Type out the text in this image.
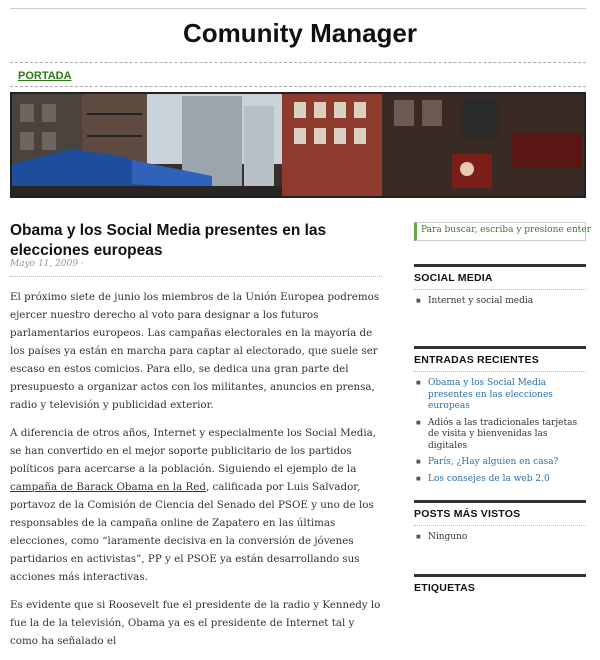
Comunity Manager
PORTADA
Obama y los Social Media presentes en las elecciones europeas
Mayo 11, 2009 ·

El próximo siete de junio los miembros de la Unión Europea podremos ejercer nuestro derecho al voto para designar a los futuros parlamentarios europeos. Las campañas electorales en la mayoría de los países ya están en marcha para captar al electorado, que suele ser escaso en estos comicios. Para ello, se dedica una gran parte del presupuesto a organizar actos con los militantes, anuncios en prensa, radio y televisión y publicidad exterior.

A diferencia de otros años, Internet y especialmente los Social Media, se han convertido en el mejor soporte publicitario de los partidos políticos para acercarse a la población. Siguiendo el ejemplo de la campaña de Barack Obama en la Red, calificada por Luis Salvador, portavoz de la Comisión de Ciencia del Senado del PSOE y uno de los responsables de la campaña online de Zapatero en las últimas elecciones, como “laramente decisiva en la conversión de jóvenes partidarios en activistas”, PP y el PSOE ya están desarrollando sus acciones más interactivas.

Es evidente que si Roosevelt fue el presidente de la radio y Kennedy lo fue la de la televisión, Obama ya es el presidente de Internet tal y como ha señalado el

Para buscar, escriba y presione enter
SOCIAL MEDIA
■ Internet y social media
ENTRADAS RECIENTES
■ Obama y los Social Media presentes en las elecciones europeas
■ Adiós a las tradicionales tarjetas de visita y bienvenidas las digitales
■ París, ¿Hay alguien en casa?
■ Los consejes de la web 2.0
POSTS MÁS VISTOS
■ Ninguno
ETIQUETAS
